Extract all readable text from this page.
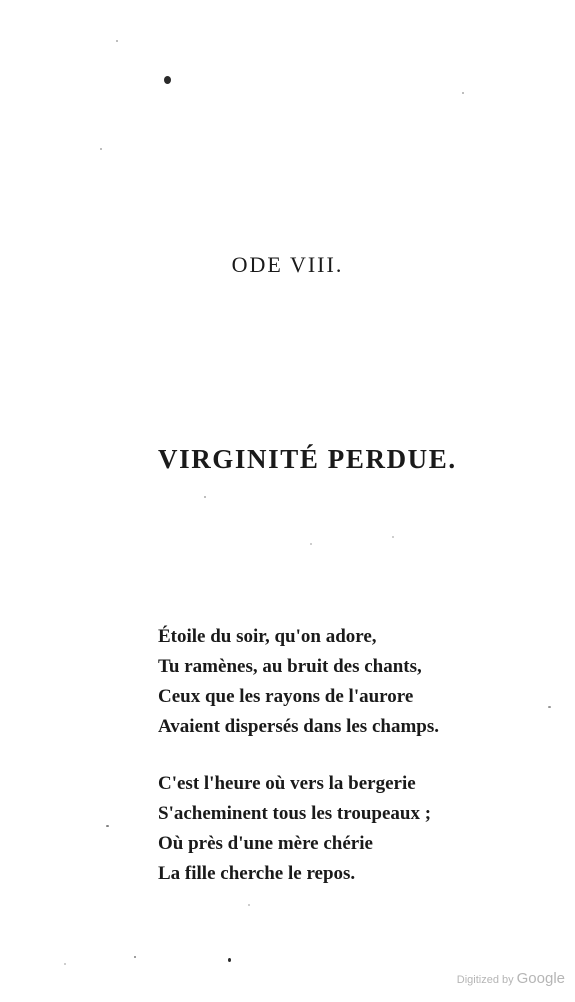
ODE VIII.
VIRGINITÉ PERDUE.
Étoile du soir, qu'on adore,
Tu ramènes, au bruit des chants,
Ceux que les rayons de l'aurore
Avaient dispersés dans les champs.
C'est l'heure où vers la bergerie
S'acheminent tous les troupeaux ;
Où près d'une mère chérie
La fille cherche le repos.
Digitized by Google
